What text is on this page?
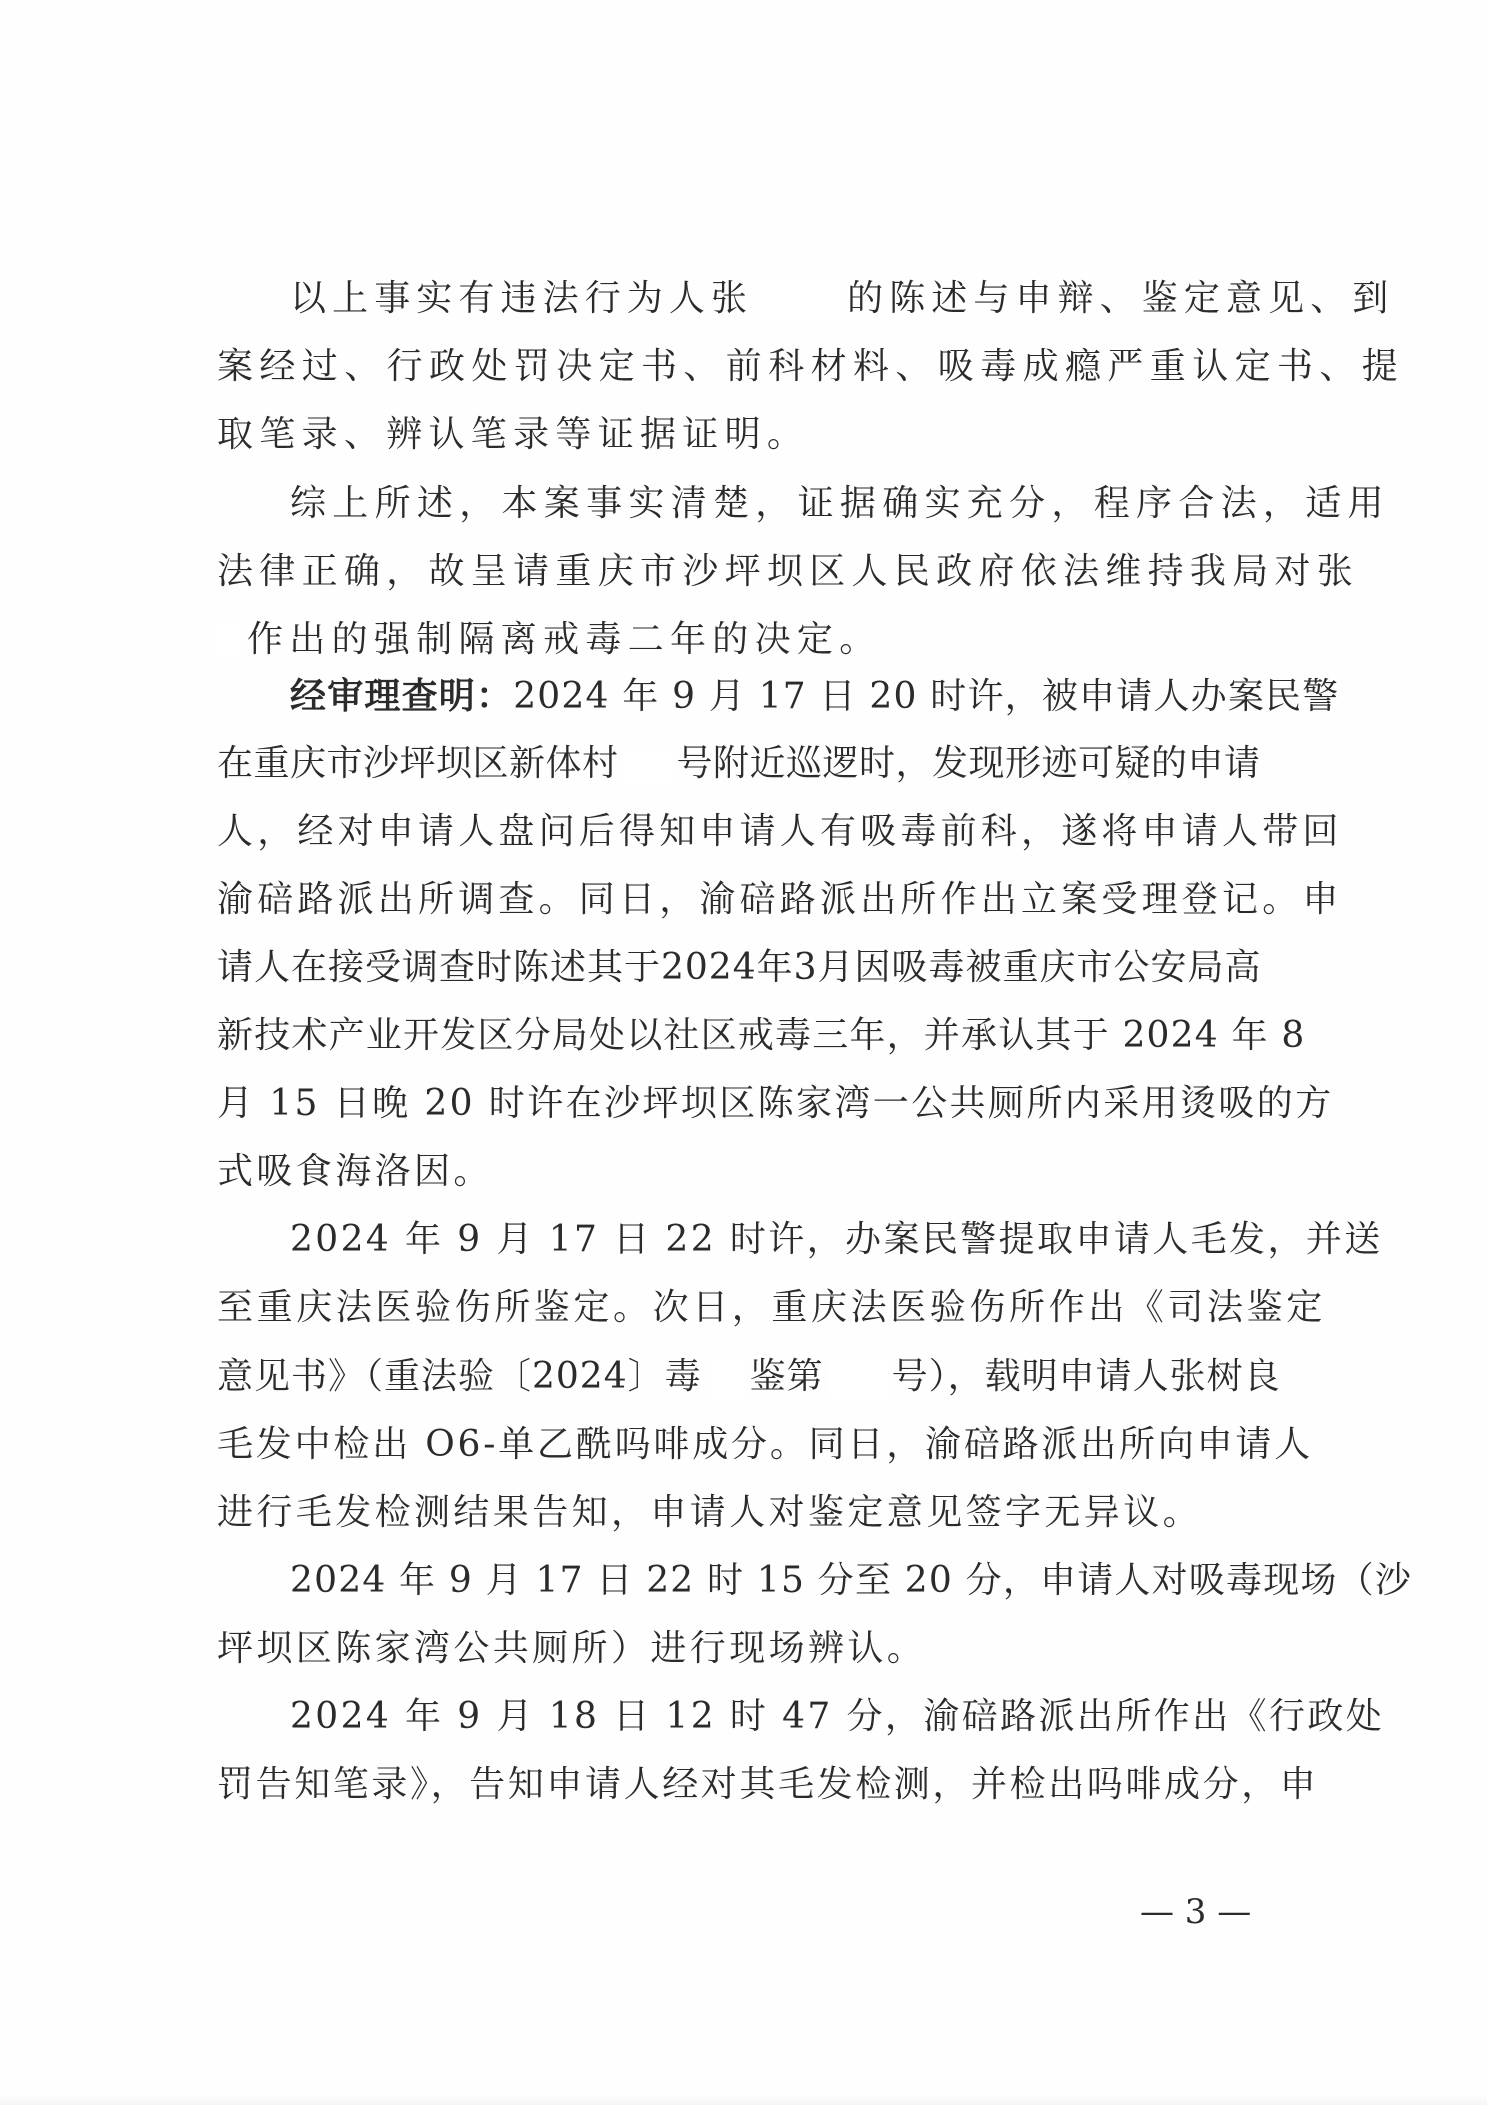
以上事实有违法行为人张	的陈述与申辩、鉴定意见、到
案经过、行政处罚决定书、前科材料、吸毒成瘾严重认定书、提
取笔录、辨认笔录等证据证明。
综上所述，本案事实清楚，证据确实充分，程序合法，适用
法律正确，故呈请重庆市沙坪坝区人民政府依法维持我局对张
作出的强制隔离戒毒二年的决定。
经审理查明：2024 年 9 月 17 日 20 时许，被申请人办案民警
在重庆市沙坪坝区新体村 号附近巡逻时，发现形迹可疑的申请
人，经对申请人盘问后得知申请人有吸毒前科，遂将申请人带回
渝碚路派出所调查。同日，渝碚路派出所作出立案受理登记。申
请人在接受调查时陈述其于2024年3月因吸毒被重庆市公安局高
新技术产业开发区分局处以社区戒毒三年，并承认其于 2024 年 8
月 15 日晚 20 时许在沙坪坝区陈家湾一公共厕所内采用烫吸的方
式吸食海洛因。
2024 年 9 月 17 日 22 时许，办案民警提取申请人毛发，并送
至重庆法医验伤所鉴定。次日，重庆法医验伤所作出《司法鉴定
意见书》（重法验〔2024〕毒 鉴第 号），载明申请人张树良
毛发中检出 O6-单乙酰吗啡成分。同日，渝碚路派出所向申请人
进行毛发检测结果告知，申请人对鉴定意见签字无异议。
2024 年 9 月 17 日 22 时 15 分至 20 分，申请人对吸毒现场（沙
坪坝区陈家湾公共厕所）进行现场辨认。
2024 年 9 月 18 日 12 时 47 分，渝碚路派出所作出《行政处
罚告知笔录》，告知申请人经对其毛发检测，并检出吗啡成分，申
— 3 —
